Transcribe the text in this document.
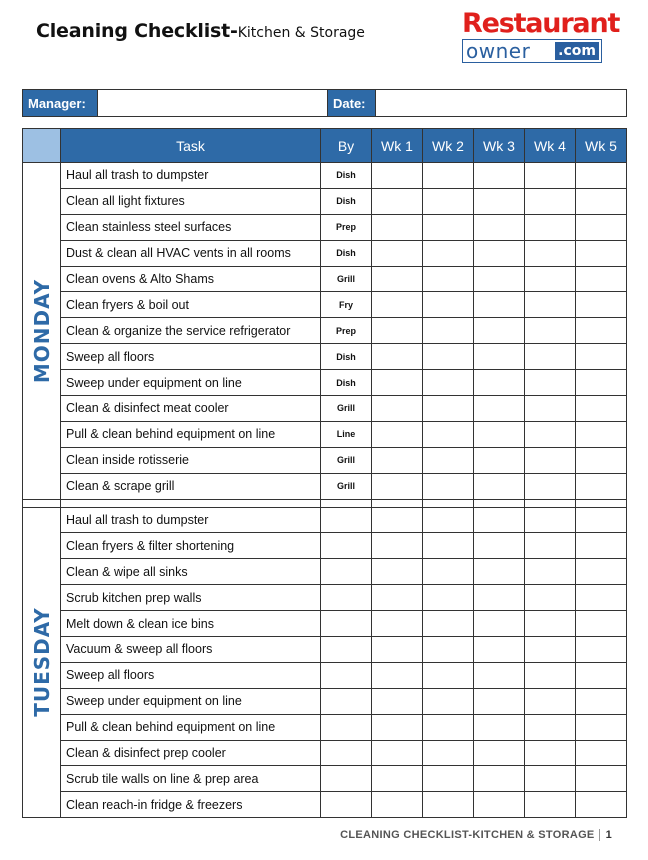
Cleaning Checklist-Kitchen & Storage	Restaurant
owner .com
Manager:		Date:	
	Task	By	Wk 1	Wk 2	Wk 3	Wk 4	Wk 5

MONDAY	Haul all trash to dumpster	Dish					
	Clean all light fixtures	Dish					
	Clean stainless steel surfaces	Prep					
	Dust & clean all HVAC vents in all rooms	Dish					
	Clean ovens & Alto Shams	Grill					
	Clean fryers & boil out	Fry					
	Clean & organize the service refrigerator	Prep					
	Sweep all floors	Dish					
	Sweep under equipment on line	Dish					
	Clean & disinfect meat cooler	Grill					
	Pull & clean behind equipment on line	Line					
	Clean inside rotisserie	Grill					
	Clean & scrape grill	Grill					

TUESDAY	Haul all trash to dumpster						
	Clean fryers & filter shortening						
	Clean & wipe all sinks						
	Scrub kitchen prep walls						
	Melt down & clean ice bins						
	Vacuum & sweep all floors						
	Sweep all floors						
	Sweep under equipment on line						
	Pull & clean behind equipment on line						
	Clean & disinfect prep cooler						
	Scrub tile walls on line & prep area						
	Clean reach-in fridge & freezers						
CLEANING CHECKLIST-KITCHEN & STORAGE 1
